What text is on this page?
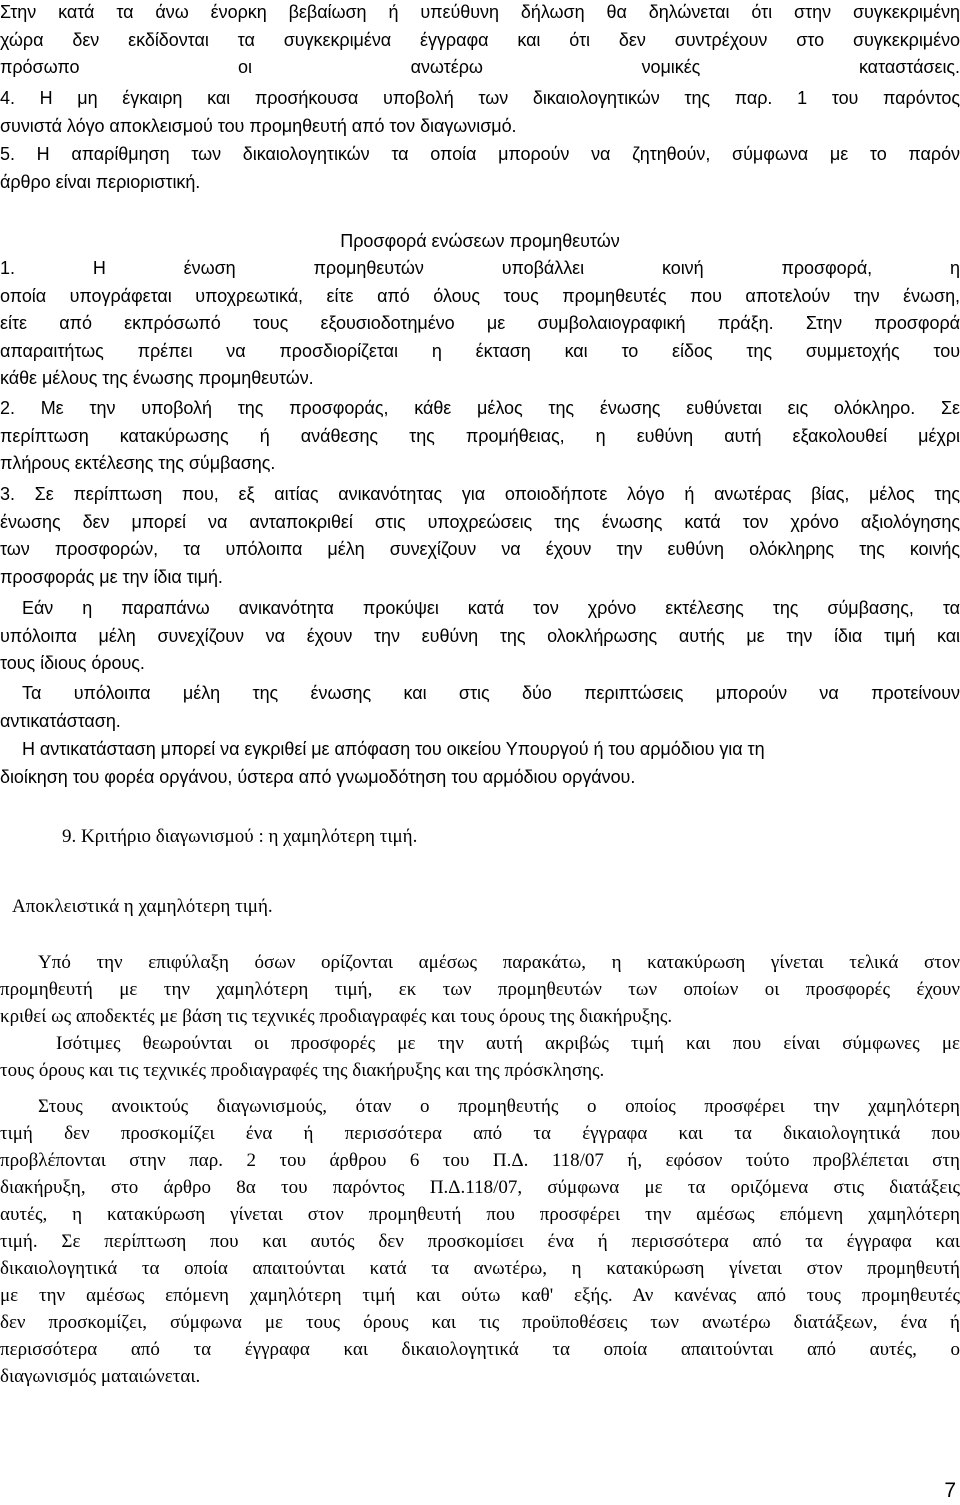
Στην κατά τα άνω ένορκη βεβαίωση ή υπεύθυνη δήλωση θα δηλώνεται ότι στην συγκεκριμένη
χώρα δεν εκδίδονται τα συγκεκριμένα έγγραφα και ότι δεν συντρέχουν στο συγκεκριμένο
πρόσωπο οι ανωτέρω νομικές καταστάσεις.
4. Η μη έγκαιρη και προσήκουσα υποβολή των δικαιολογητικών της παρ. 1 του παρόντος
συνιστά λόγο αποκλεισμού του προμηθευτή από τον διαγωνισμό.
5. Η απαρίθμηση των δικαιολογητικών τα οποία μπορούν να ζητηθούν, σύμφωνα με το παρόν
άρθρο είναι περιοριστική.
Προσφορά ενώσεων προμηθευτών
1. Η ένωση προμηθευτών υποβάλλει κοινή προσφορά, η
οποία υπογράφεται υποχρεωτικά, είτε από όλους τους προμηθευτές που αποτελούν την ένωση,
είτε από εκπρόσωπό τους εξουσιοδοτημένο με συμβολαιογραφική πράξη. Στην προσφορά
απαραιτήτως πρέπει να προσδιορίζεται η έκταση και το είδος της συμμετοχής του
κάθε μέλους της ένωσης προμηθευτών.
2. Με την υποβολή της προσφοράς, κάθε μέλος της ένωσης ευθύνεται εις ολόκληρο. Σε
περίπτωση κατακύρωσης ή ανάθεσης της προμήθειας, η ευθύνη αυτή εξακολουθεί μέχρι
πλήρους εκτέλεσης της σύμβασης.
3. Σε περίπτωση που, εξ αιτίας ανικανότητας για οποιοδήποτε λόγο ή ανωτέρας βίας, μέλος της
ένωσης δεν μπορεί να ανταποκριθεί στις υποχρεώσεις της ένωσης κατά τον χρόνο αξιολόγησης
των προσφορών, τα υπόλοιπα μέλη συνεχίζουν να έχουν την ευθύνη ολόκληρης της κοινής
προσφοράς με την ίδια τιμή.
Εάν η παραπάνω ανικανότητα προκύψει κατά τον χρόνο εκτέλεσης της σύμβασης, τα
υπόλοιπα μέλη συνεχίζουν να έχουν την ευθύνη της ολοκλήρωσης αυτής με την ίδια τιμή και
τους ίδιους όρους.
Τα υπόλοιπα μέλη της ένωσης και στις δύο περιπτώσεις μπορούν να προτείνουν
αντικατάσταση.
Η αντικατάσταση μπορεί να εγκριθεί με απόφαση του οικείου Υπουργού ή του αρμόδιου για τη
διοίκηση του φορέα οργάνου, ύστερα από γνωμοδότηση του αρμόδιου οργάνου.
9. Κριτήριο διαγωνισμού : η χαμηλότερη τιμή.
Αποκλειστικά η χαμηλότερη τιμή.
Υπό την επιφύλαξη όσων ορίζονται αμέσως παρακάτω, η κατακύρωση γίνεται τελικά στον
προμηθευτή με την χαμηλότερη τιμή, εκ των προμηθευτών των οποίων οι προσφορές έχουν
κριθεί ως αποδεκτές με βάση τις τεχνικές προδιαγραφές και τους όρους της διακήρυξης.
Ισότιμες θεωρούνται οι προσφορές με την αυτή ακριβώς τιμή και που είναι σύμφωνες με
τους όρους και τις τεχνικές προδιαγραφές της διακήρυξης και της πρόσκλησης.
Στους ανοικτούς διαγωνισμούς, όταν ο προμηθευτής ο οποίος προσφέρει την χαμηλότερη
τιμή δεν προσκομίζει ένα ή περισσότερα από τα έγγραφα και τα δικαιολογητικά που
προβλέπονται στην παρ. 2 του άρθρου 6 του Π.Δ. 118/07 ή, εφόσον τούτο προβλέπεται στη
διακήρυξη, στο άρθρο 8α του παρόντος Π.Δ.118/07, σύμφωνα με τα οριζόμενα στις διατάξεις
αυτές, η κατακύρωση γίνεται στον προμηθευτή που προσφέρει την αμέσως επόμενη χαμηλότερη
τιμή. Σε περίπτωση που και αυτός δεν προσκομίσει ένα ή περισσότερα από τα έγγραφα και
δικαιολογητικά τα οποία απαιτούνται κατά τα ανωτέρω, η κατακύρωση γίνεται στον προμηθευτή
με την αμέσως επόμενη χαμηλότερη τιμή και ούτω καθ' εξής. Αν κανένας από τους προμηθευτές
δεν προσκομίζει, σύμφωνα με τους όρους και τις προϋποθέσεις των ανωτέρω διατάξεων, ένα ή
περισσότερα από τα έγγραφα και δικαιολογητικά τα οποία απαιτούνται από αυτές, ο
διαγωνισμός ματαιώνεται.
7
